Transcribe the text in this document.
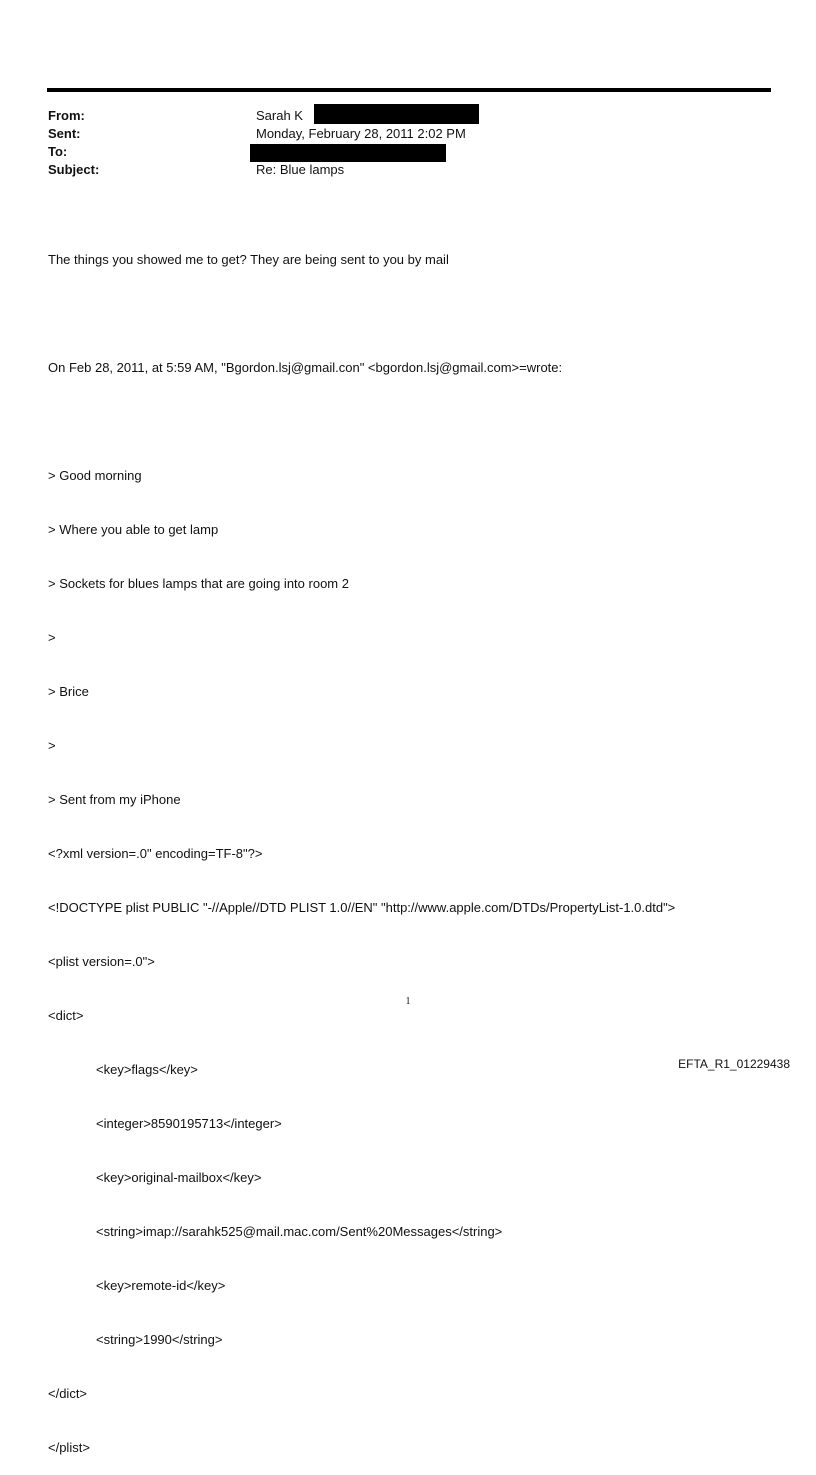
From:	Sarah K
Sent:	Monday, February 28, 2011 2:02 PM
To:
Subject:	Re: Blue lamps

The things you showed me to get? They are being sent to you by mail

On Feb 28, 2011, at 5:59 AM, "Bgordon.lsj@gmail.con" <bgordon.lsj@gmail.com>=wrote:

> Good morning

> Where you able to get lamp

> Sockets for blues lamps that are going into room 2

>

> Brice

>

> Sent from my iPhone

<?xml version=.0" encoding=TF-8"?>

<!DOCTYPE plist PUBLIC "-//Apple//DTD PLIST 1.0//EN" "http://www.apple.com/DTDs/PropertyList-1.0.dtd">

<plist version=.0">

<dict>

<key>flags</key>

<integer>8590195713</integer>

<key>original-mailbox</key>

<string>imap://sarahk525@mail.mac.com/Sent%20Messages</string>

<key>remote-id</key>

<string>1990</string>

</dict>

</plist>

1
EFTA_R1_01229438
